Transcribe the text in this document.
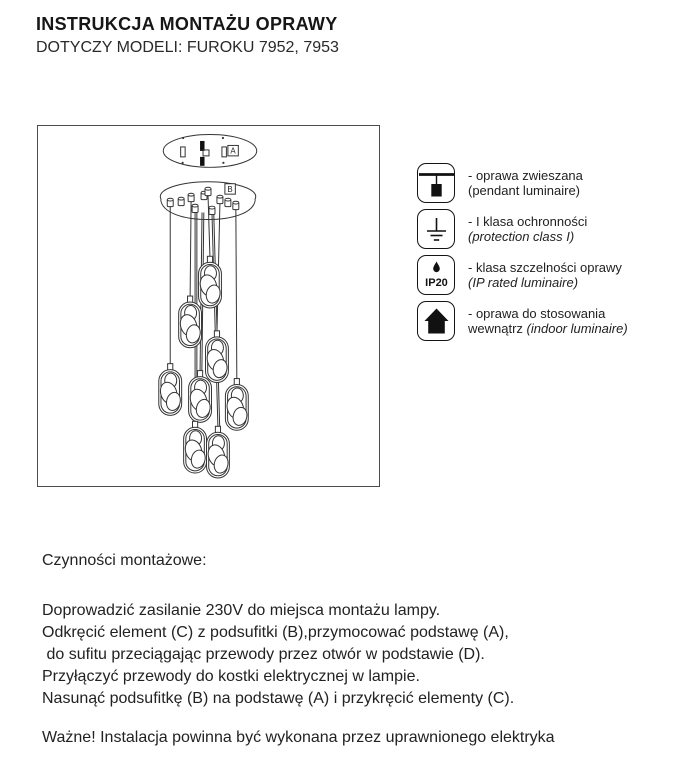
INSTRUKCJA MONTAŻU OPRAWY
DOTYCZY MODELI: FUROKU 7952, 7953
A
B
- oprawa zwieszana
(pendant luminaire)
- I klasa ochronności
(protection class I)
IP20
- klasa szczelności oprawy
(IP rated luminaire)
- oprawa do stosowania
wewnątrz (indoor luminaire)
Czynności montażowe:
Doprowadzić zasilanie 230V do miejsca montażu lampy.
Odkręcić element (C) z podsufitki (B),przymocować podstawę (A),
do sufitu przeciągając przewody przez otwór w podstawie (D).
Przyłączyć przewody do kostki elektrycznej w lampie.
Nasunąć podsufitkę (B) na podstawę (A) i przykręcić elementy (C).
Ważne! Instalacja powinna być wykonana przez uprawnionego elektryka
